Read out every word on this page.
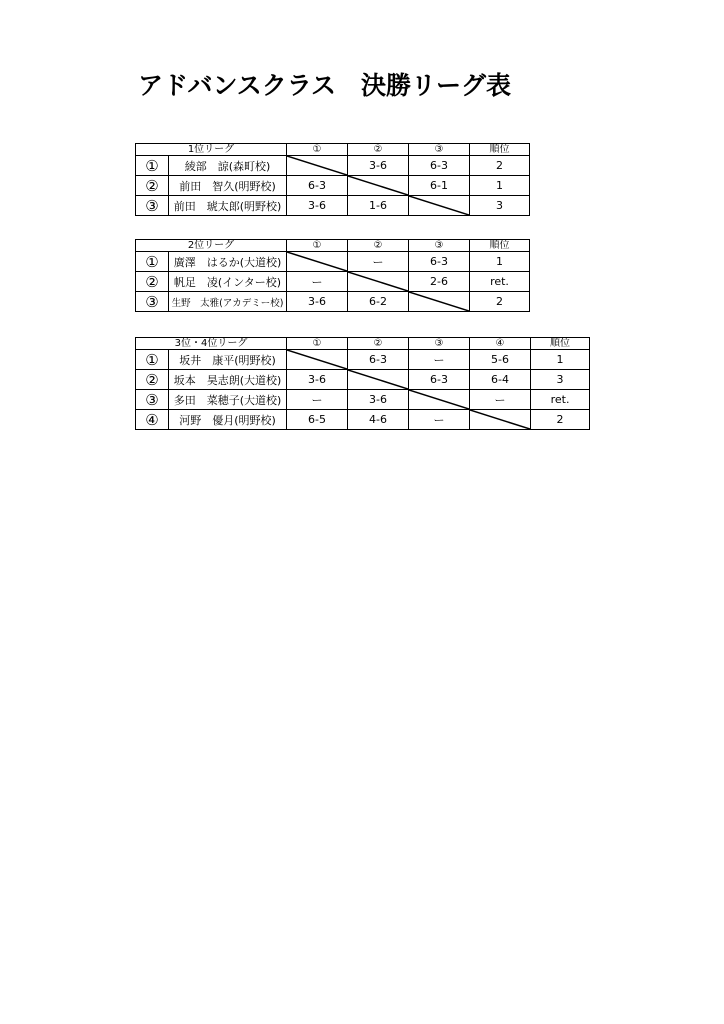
アドバンスクラス　決勝リーグ表
1位リーグ		①	②	③	順位
①	綾部　諒(森町校)		3-6	6-3	2
②	前田　智久(明野校)	6-3		6-1	1
③	前田　琥太郎(明野校)	3-6	1-6		3
2位リーグ		①	②	③	順位
①	廣澤　はるか(大道校)		ー	6-3	1
②	帆足　凌(インター校)	ー		2-6	ret.
③	生野　太雅(アカデミー校)	3-6	6-2		2
3位・4位リーグ		①	②	③	④	順位
①	坂井　康平(明野校)		6-3	ー	5-6	1
②	坂本　昊志朗(大道校)	3-6		6-3	6-4	3
③	多田　菜穂子(大道校)	ー	3-6		ー	ret.
④	河野　優月(明野校)	6-5	4-6	ー		2
